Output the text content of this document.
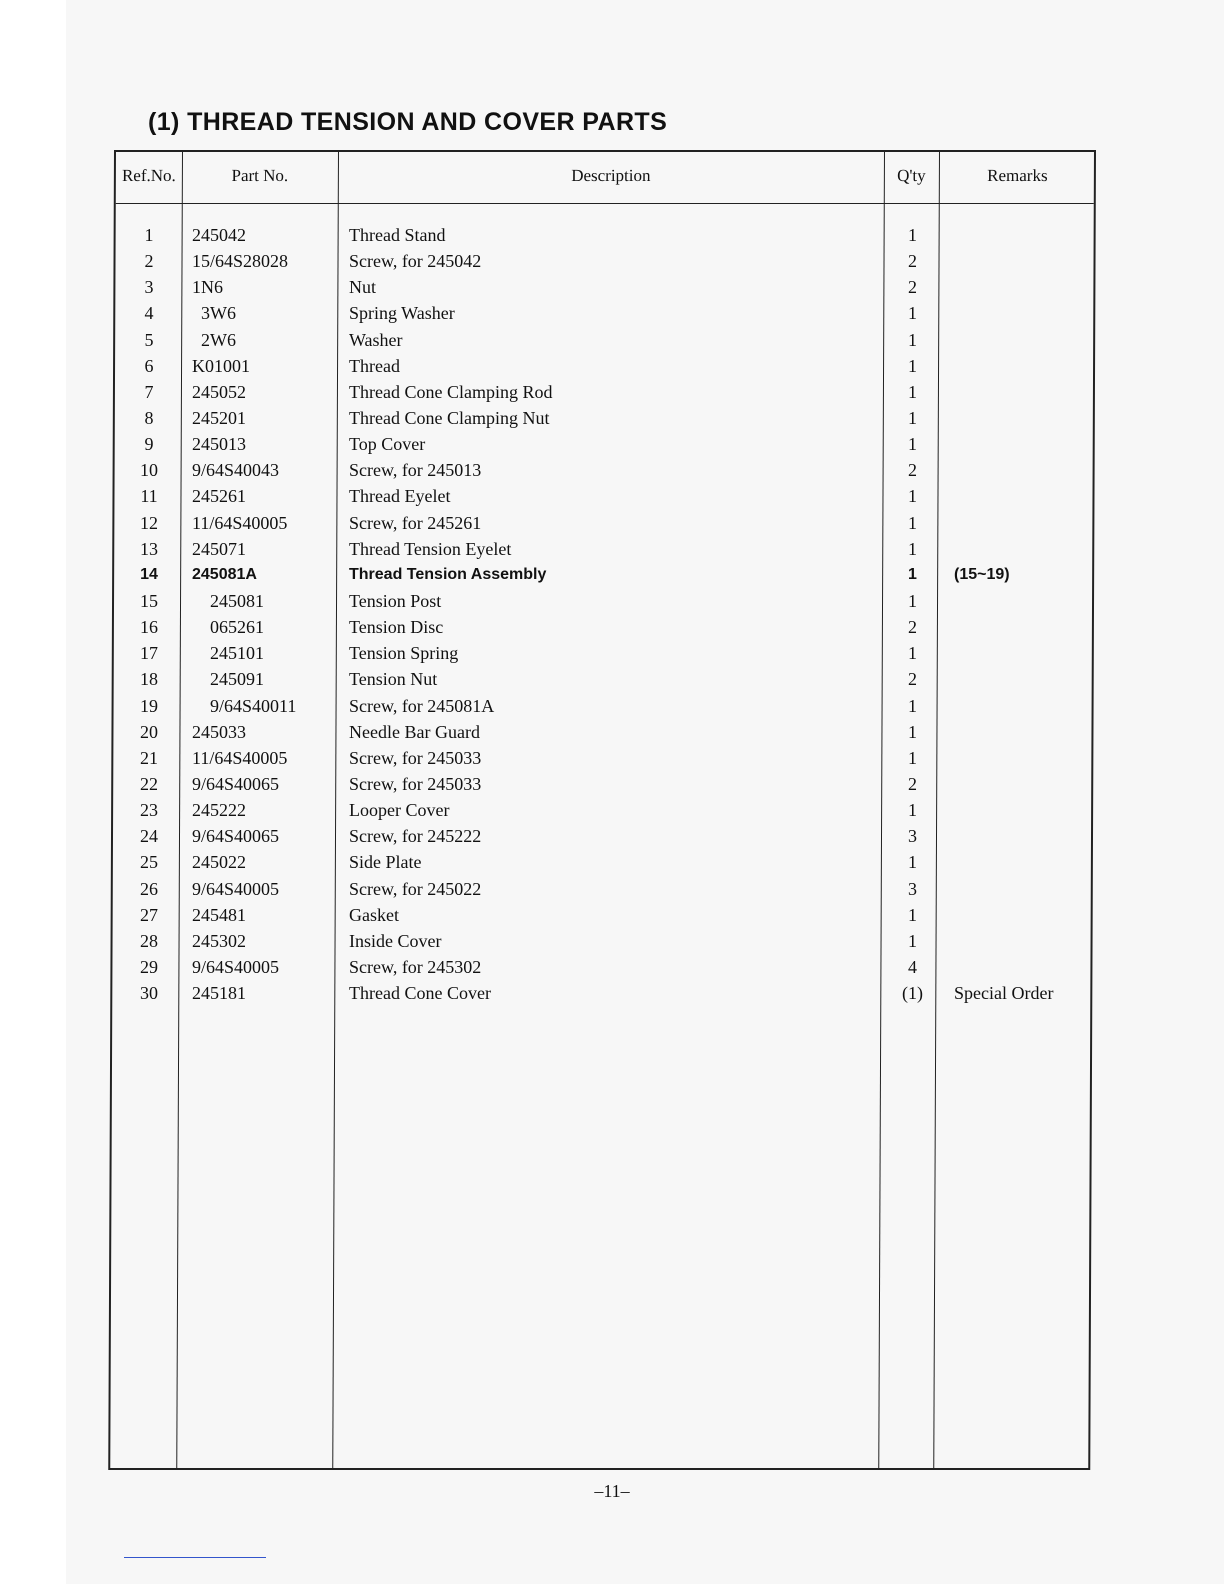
(1) THREAD TENSION AND COVER PARTS
Ref.No.	Part No.	Description	Q'ty	Remarks
1	245042	Thread Stand	1
2	15/64S28028	Screw, for 245042	2
3	1N6	Nut	2
4	3W6	Spring Washer	1
5	2W6	Washer	1
6	K01001	Thread	1
7	245052	Thread Cone Clamping Rod	1
8	245201	Thread Cone Clamping Nut	1
9	245013	Top Cover	1
10	9/64S40043	Screw, for 245013	2
11	245261	Thread Eyelet	1
12	11/64S40005	Screw, for 245261	1
13	245071	Thread Tension Eyelet	1
14	245081A	Thread Tension Assembly	1	(15~19)
15	245081	Tension Post	1
16	065261	Tension Disc	2
17	245101	Tension Spring	1
18	245091	Tension Nut	2
19	9/64S40011	Screw, for 245081A	1
20	245033	Needle Bar Guard	1
21	11/64S40005	Screw, for 245033	1
22	9/64S40065	Screw, for 245033	2
23	245222	Looper Cover	1
24	9/64S40065	Screw, for 245222	3
25	245022	Side Plate	1
26	9/64S40005	Screw, for 245022	3
27	245481	Gasket	1
28	245302	Inside Cover	1
29	9/64S40005	Screw, for 245302	4
30	245181	Thread Cone Cover	(1)	Special Order
–11–
